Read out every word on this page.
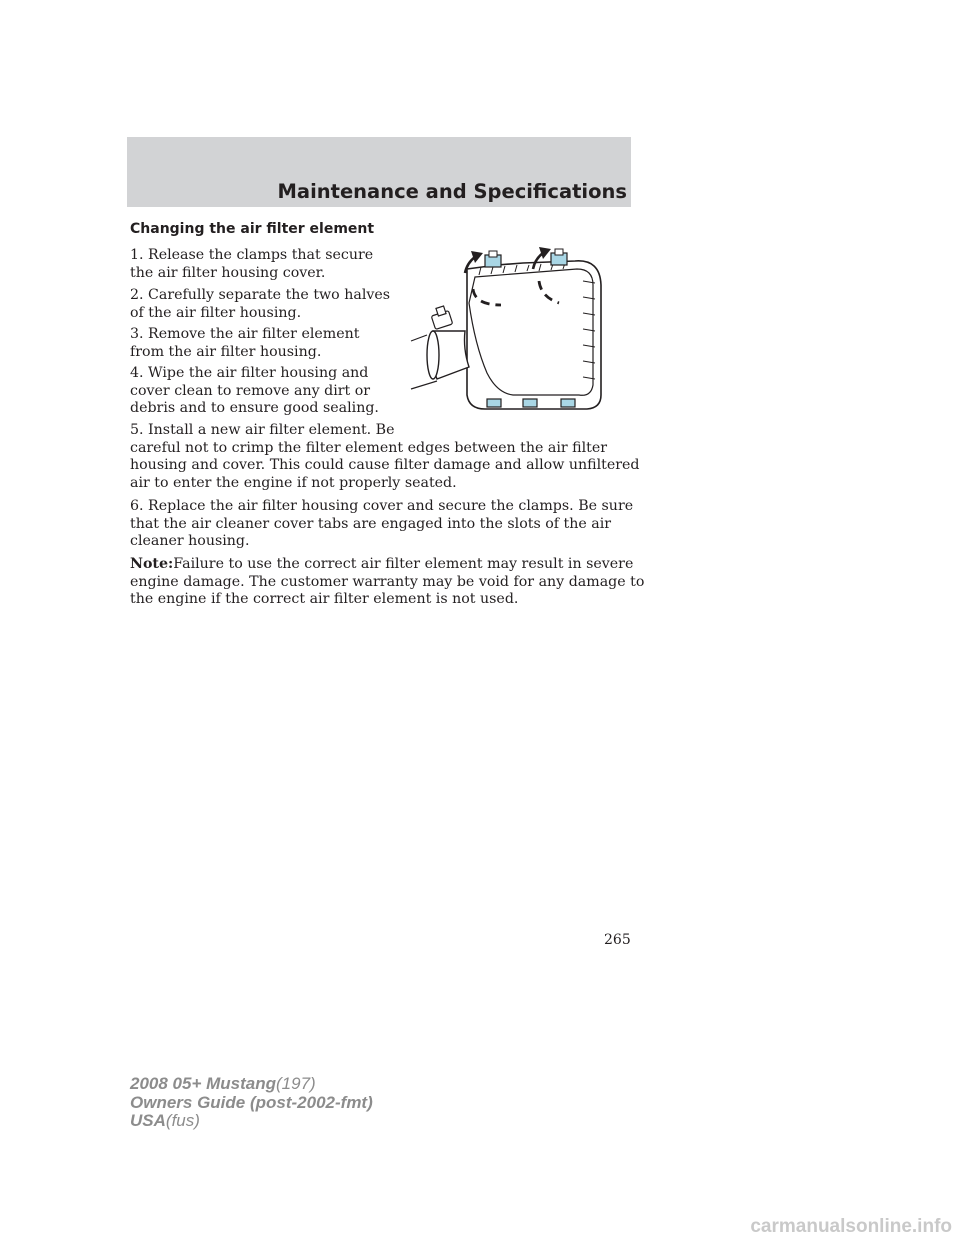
Maintenance and Specifications
Changing the air filter element
1. Release the clamps that secure
the air filter housing cover.
2. Carefully separate the two halves
of the air filter housing.
3. Remove the air filter element
from the air filter housing.
4. Wipe the air filter housing and
cover clean to remove any dirt or
debris and to ensure good sealing.
5. Install a new air filter element. Be
careful not to crimp the filter element edges between the air filter
housing and cover. This could cause filter damage and allow unfiltered
air to enter the engine if not properly seated.
6. Replace the air filter housing cover and secure the clamps. Be sure
that the air cleaner cover tabs are engaged into the slots of the air
cleaner housing.
Note:Failure to use the correct air filter element may result in severe
engine damage. The customer warranty may be void for any damage to
the engine if the correct air filter element is not used.
265
2008 05+ Mustang(197)
Owners Guide (post-2002-fmt)
USA(fus)
carmanualsonline.info
